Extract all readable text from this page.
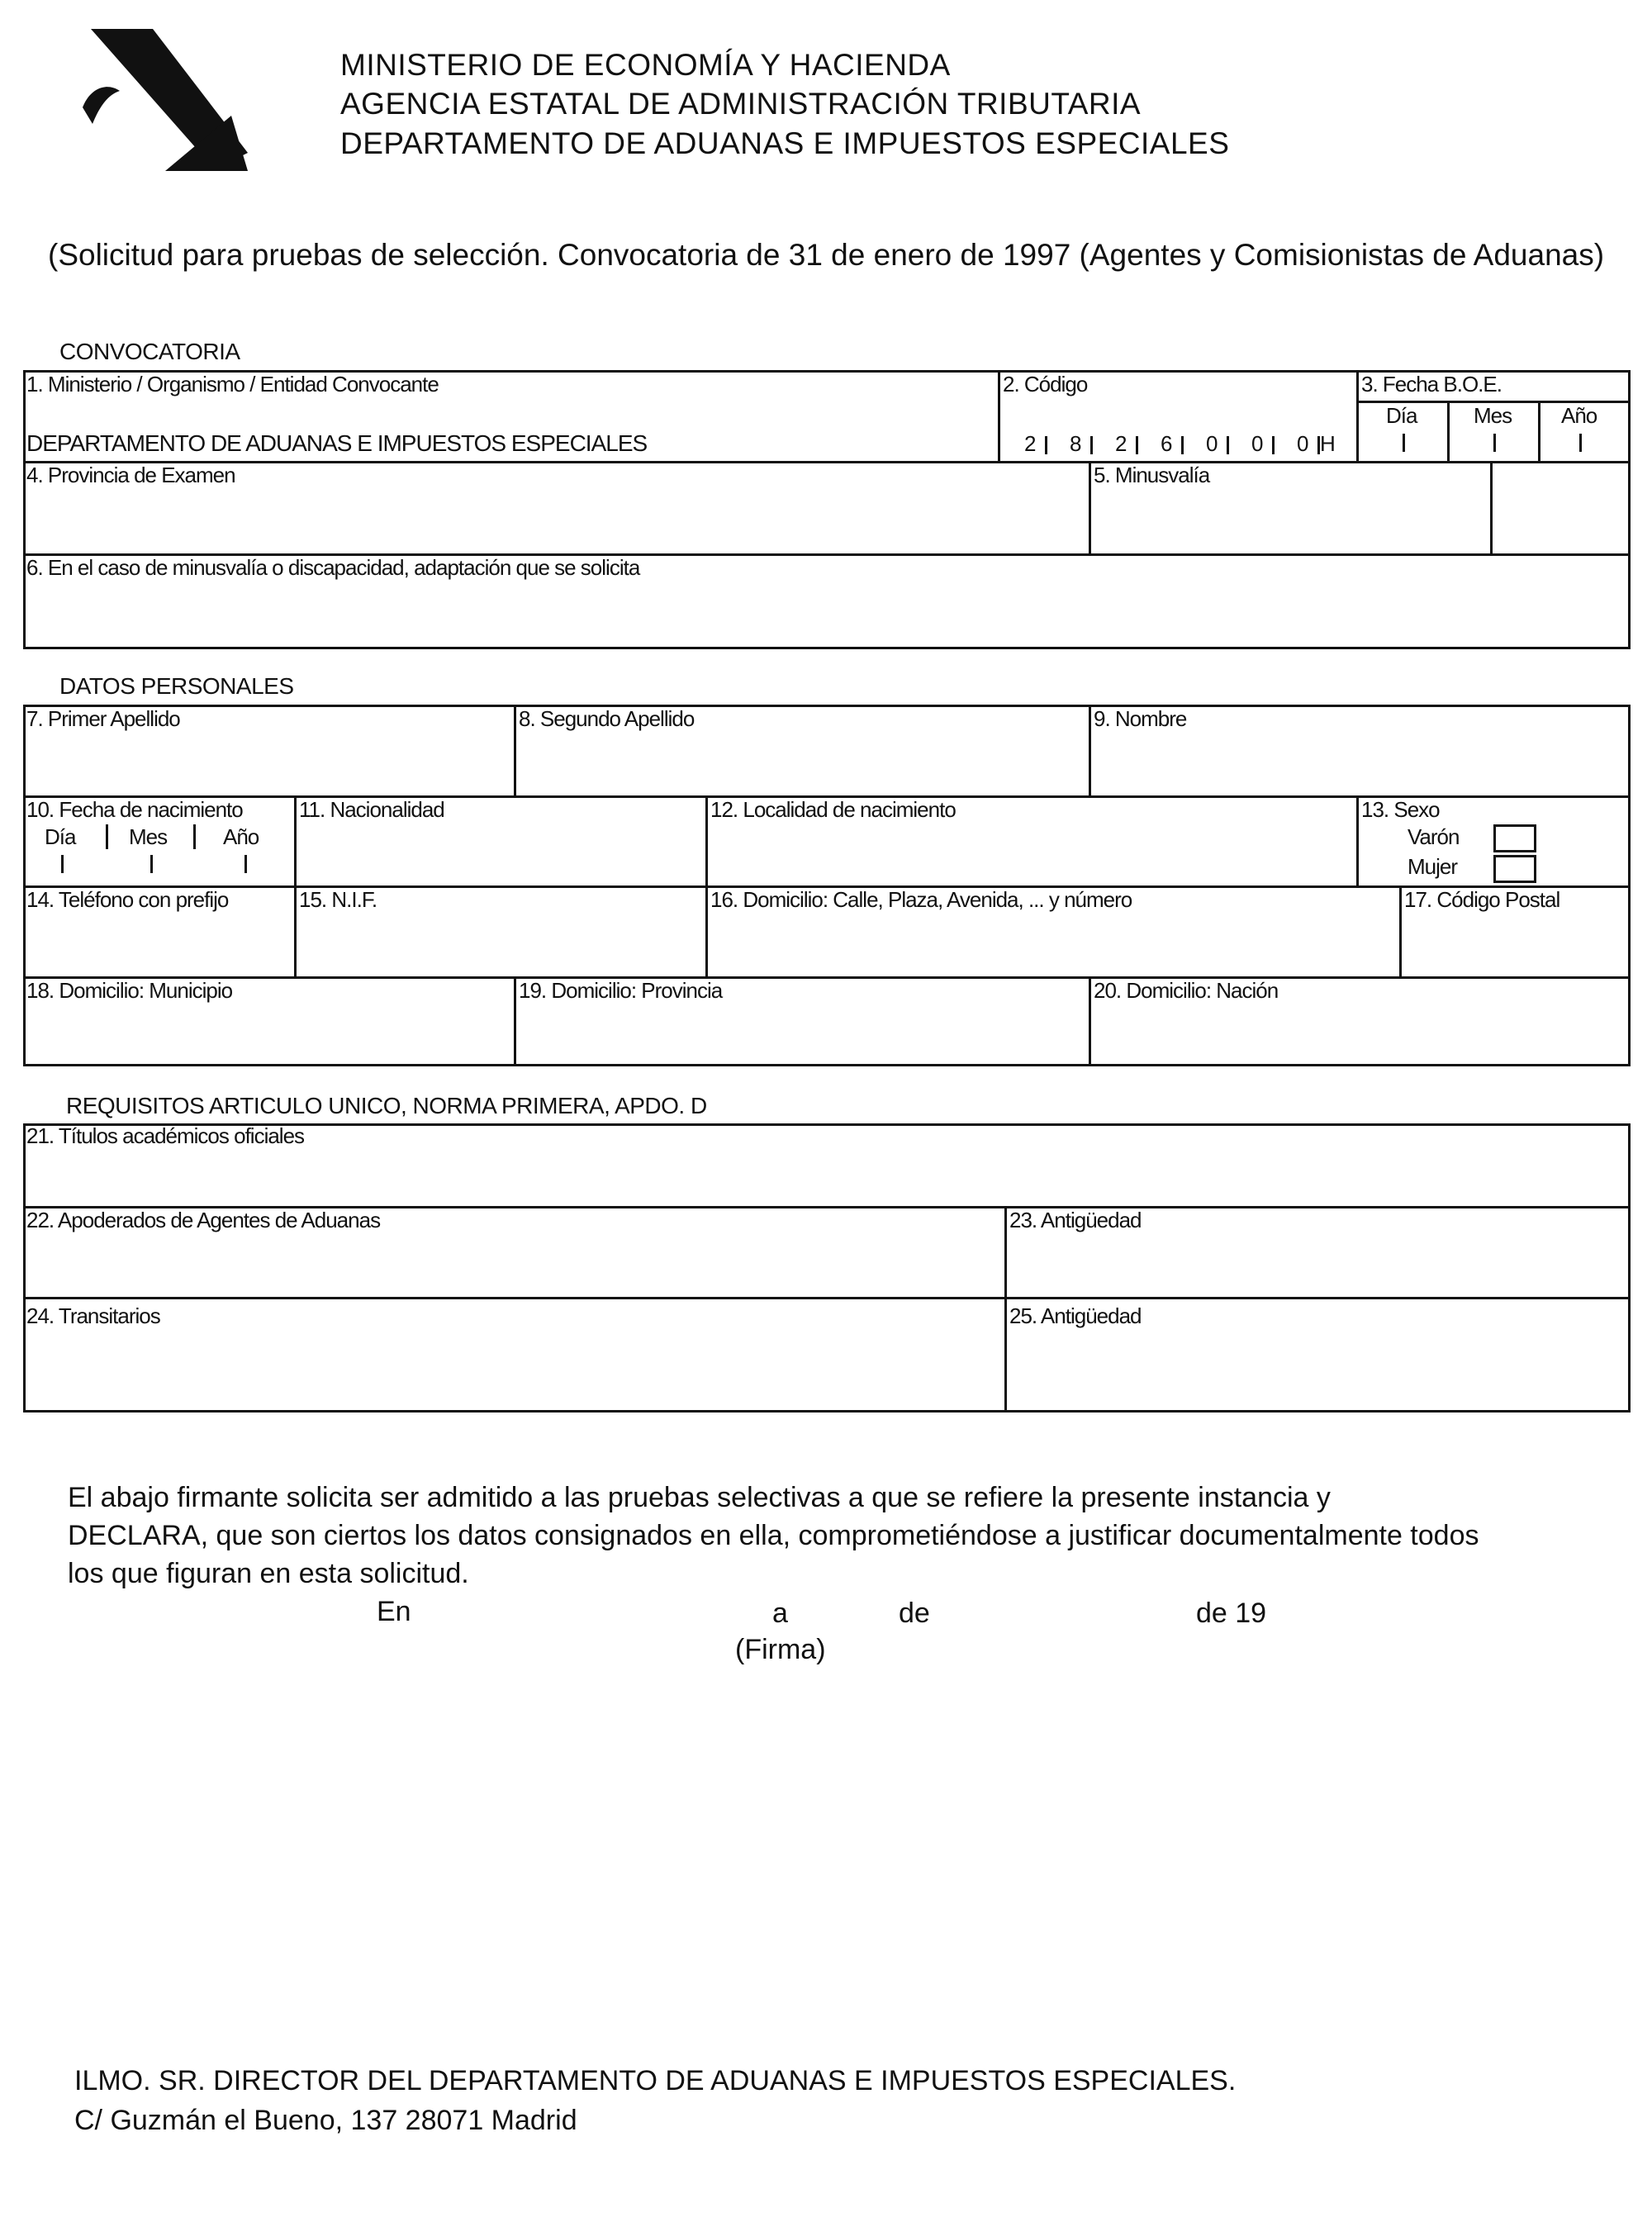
MINISTERIO DE ECONOMÍA Y HACIENDA
AGENCIA ESTATAL DE ADMINISTRACIÓN TRIBUTARIA
DEPARTAMENTO DE ADUANAS E IMPUESTOS ESPECIALES
(Solicitud para pruebas de selección. Convocatoria de 31 de enero de 1997 (Agentes y Comisionistas de Aduanas)
CONVOCATORIA
1. Ministerio / Organismo / Entidad Convocante
DEPARTAMENTO DE ADUANAS E IMPUESTOS ESPECIALES
2. Código
2 8 2 6 0 0 0 H
3. Fecha B.O.E.
Día	Mes Año
4. Provincia de Examen	5. Minusvalía
6. En el caso de minusvalía o discapacidad, adaptación que se solicita
DATOS PERSONALES
7. Primer Apellido	8. Segundo Apellido	9. Nombre
10. Fecha de nacimiento
Día Mes	Año
11. Nacionalidad	12. Localidad de nacimiento	13. Sexo
Varón
Mujer
14. Teléfono con prefijo	15. N.I.F.	16. Domicilio: Calle, Plaza, Avenida, ... y número	17. Código Postal
18. Domicilio: Municipio	19. Domicilio: Provincia	20. Domicilio: Nación
REQUISITOS ARTICULO UNICO, NORMA PRIMERA, APDO. D
21. Títulos académicos oficiales
22. Apoderados de Agentes de Aduanas	23. Antigüedad
24. Transitarios	25. Antigüedad
El abajo firmante solicita ser admitido a las pruebas selectivas a que se refiere la presente instancia y
DECLARA, que son ciertos los datos consignados en ella, comprometiéndose a justificar documentalmente todos
los que figuran en esta solicitud.
En	a	de	de 19
(Firma)
ILMO. SR. DIRECTOR DEL DEPARTAMENTO DE ADUANAS E IMPUESTOS ESPECIALES.
C/ Guzmán el Bueno, 137 28071 Madrid
